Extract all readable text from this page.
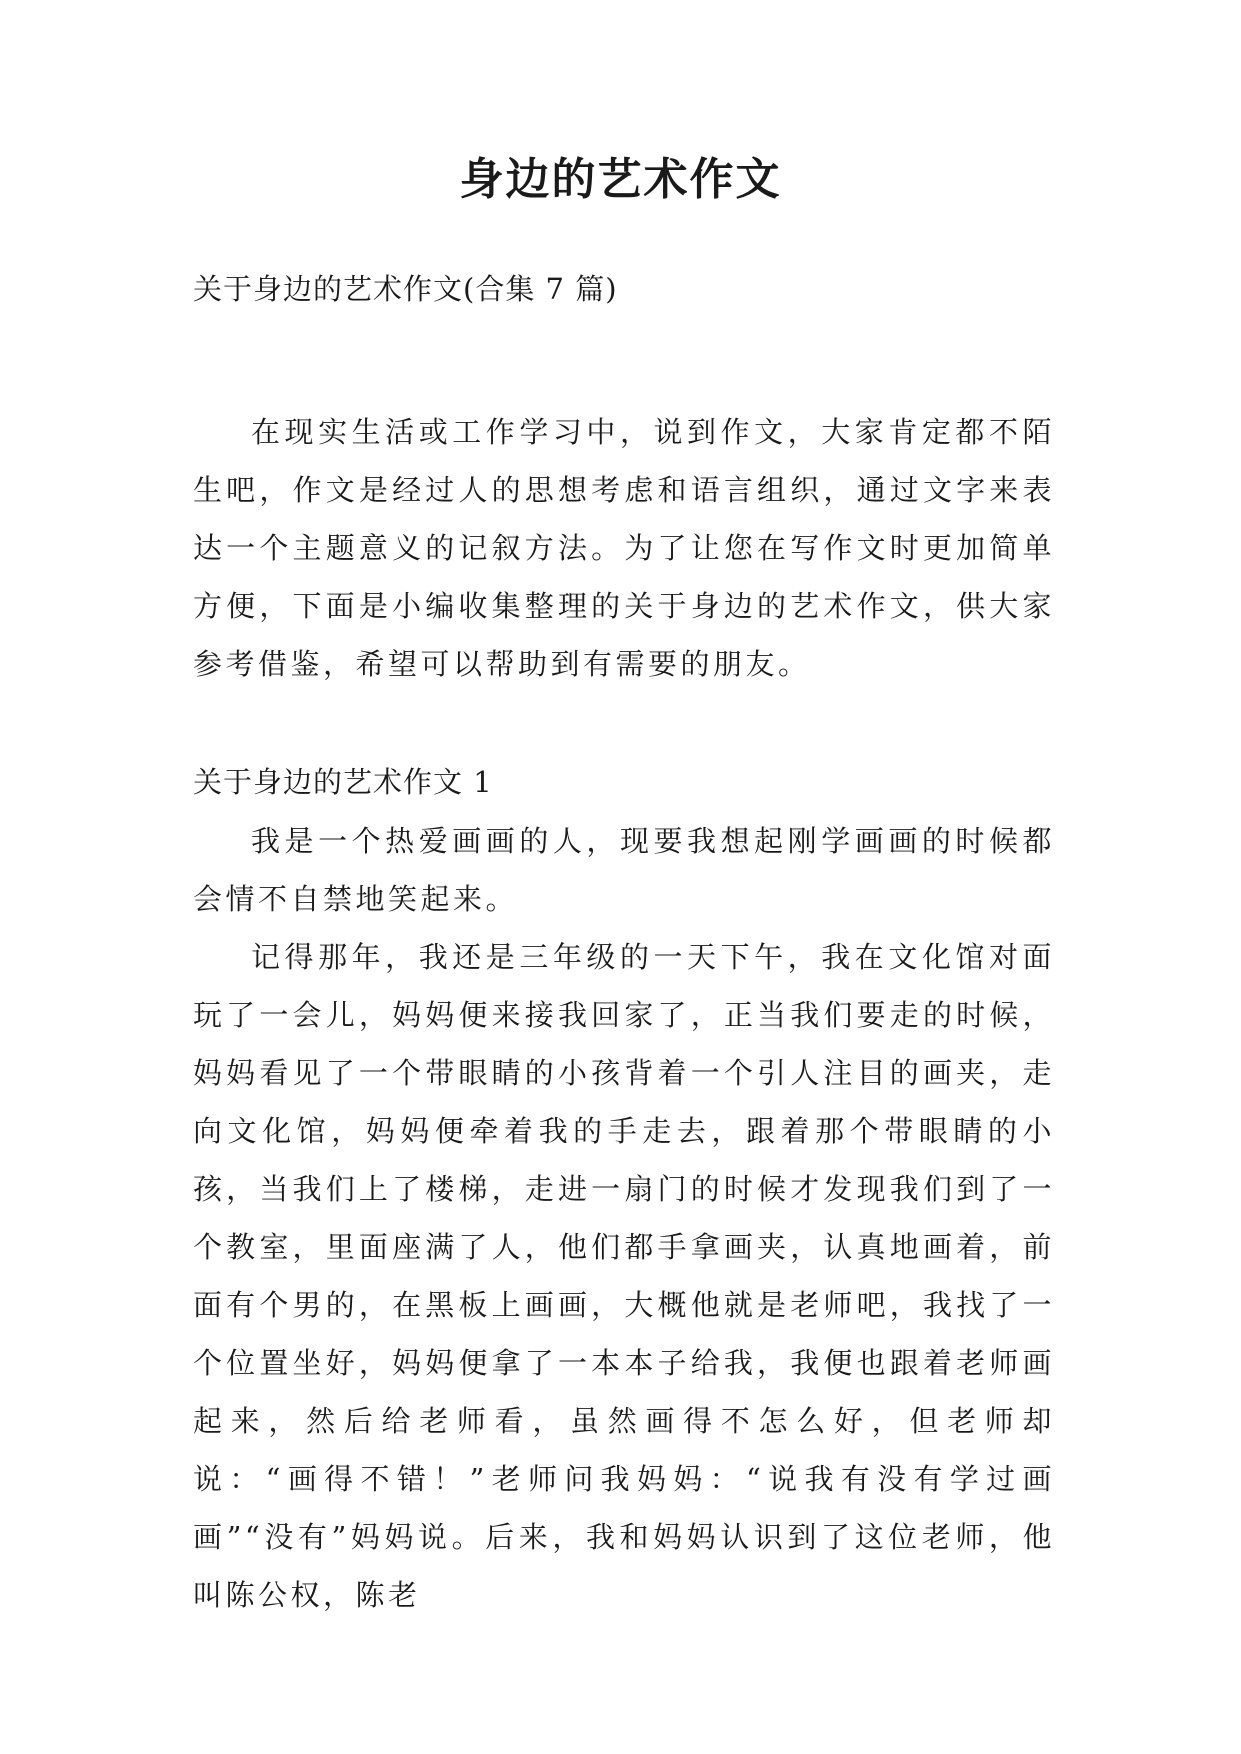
身边的艺术作文
关于身边的艺术作文(合集 7 篇)

在现实生活或工作学习中，说到作文，大家肯定都不陌生吧，作文是经过人的思想考虑和语言组织，通过文字来表达一个主题意义的记叙方法。为了让您在写作文时更加简单方便，下面是小编收集整理的关于身边的艺术作文，供大家参考借鉴，希望可以帮助到有需要的朋友。

关于身边的艺术作文 1

我是一个热爱画画的人，现要我想起刚学画画的时候都会情不自禁地笑起来。

记得那年，我还是三年级的一天下午，我在文化馆对面玩了一会儿，妈妈便来接我回家了，正当我们要走的时候，妈妈看见了一个带眼睛的小孩背着一个引人注目的画夹，走向文化馆，妈妈便牵着我的手走去，跟着那个带眼睛的小孩，当我们上了楼梯，走进一扇门的时候才发现我们到了一个教室，里面座满了人，他们都手拿画夹，认真地画着，前面有个男的，在黑板上画画，大概他就是老师吧，我找了一个位置坐好，妈妈便拿了一本本子给我，我便也跟着老师画起来，然后给老师看，虽然画得不怎么好，但老师却说：“画得不错！”老师问我妈妈：“说我有没有学过画画”“没有”妈妈说。后来，我和妈妈认识到了这位老师，他叫陈公权，陈老
